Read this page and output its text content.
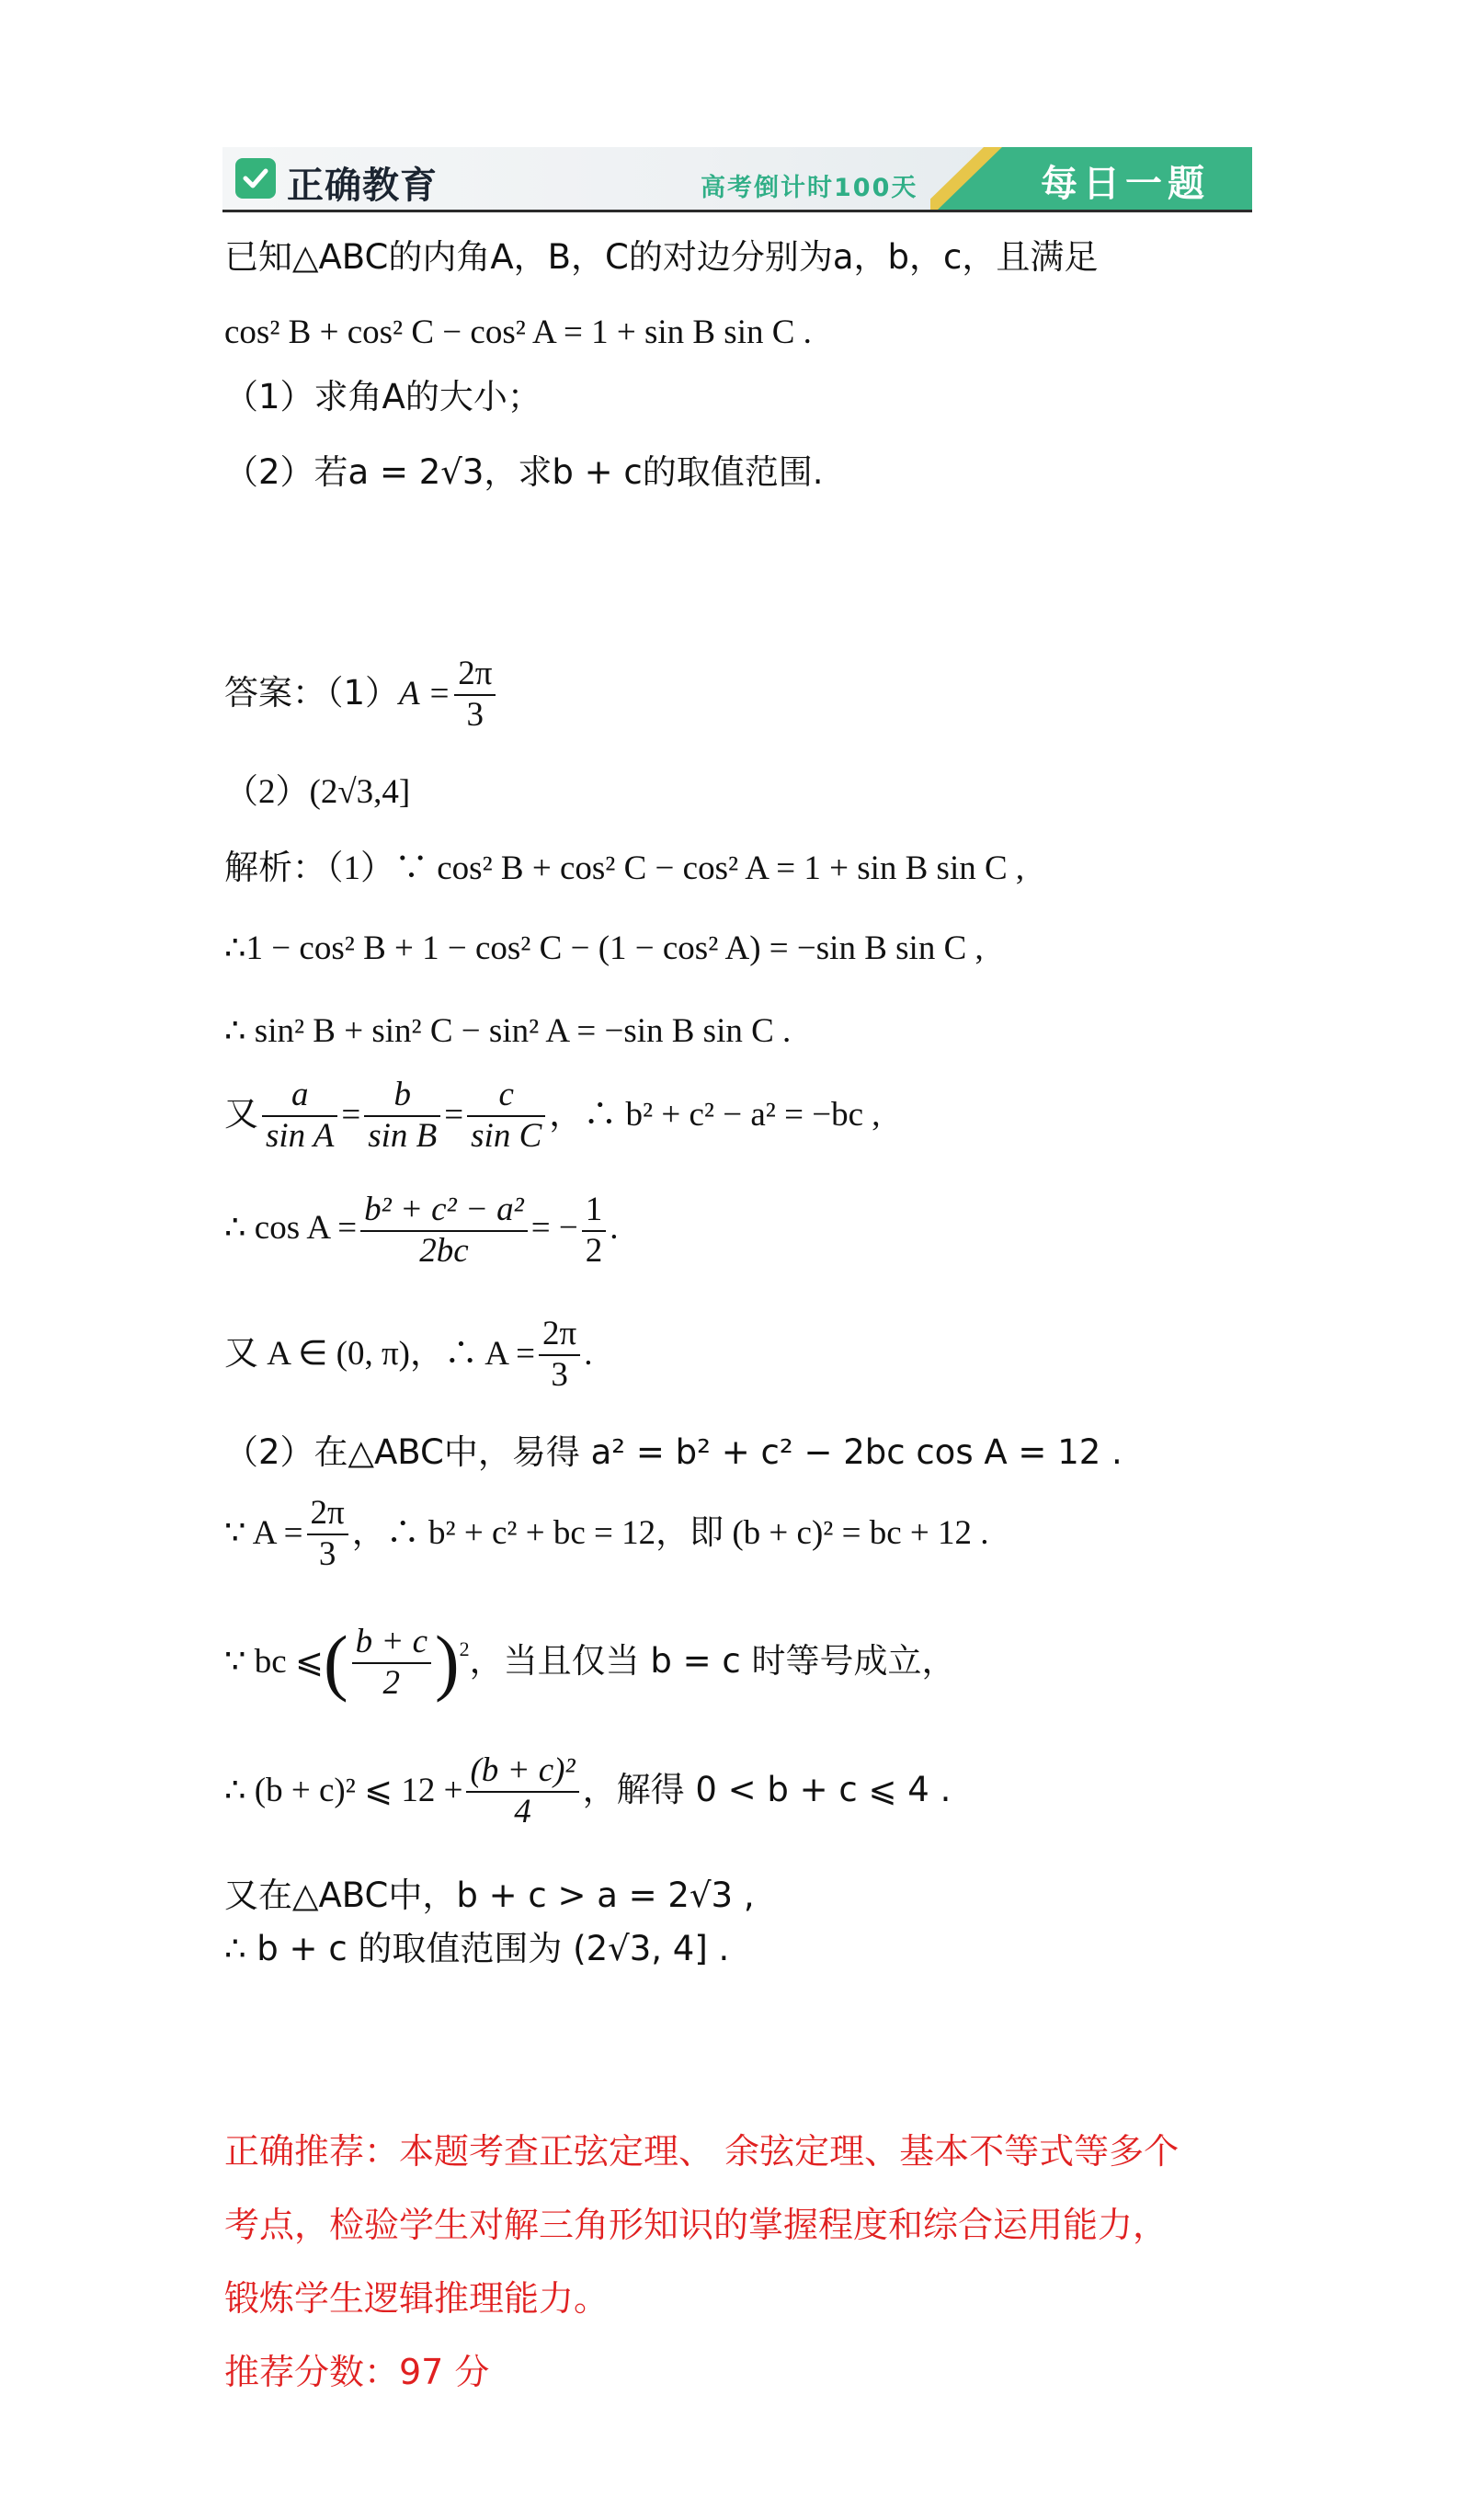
正确教育	高考倒计时100天	每日一题
已知△ABC的内角A，B，C的对边分别为a，b，c，且满足
cos² B + cos² C − cos² A = 1 + sin B sin C .
（1）求角A的大小；
（2）若a = 2√3，求b + c的取值范围.
答案：$(1)A = \frac{2\pi}{3}$
（2）(2√3,4]
解析：（1）∵ cos² B + cos² C − cos² A = 1 + sin B sin C ,
∴1 − cos² B + 1 − cos² C − (1 − cos² A) = −sin B sin C ,
∴ sin² B + sin² C − sin² A = −sin B sin C .
又 $\frac{a}{\text{sin A}} = \frac{b}{\text{sin B}} = \frac{c}{\text{sin C}}$ ，∴ b² + c² − a² = −bc ,
∴ $\cos A = \frac{\text{b² + c² − a²}}{2bc}$ = − $\frac{1}{2}$ .
又 A ∈ (0, π)，∴ $A = \frac{2\pi}{3}$ .
（2）在△ABC中，易得 a² = b² + c² − 2bc cos A = 12 .
∵ $A = \frac{2\pi}{3}$ ，∴ b² + c² + bc = 12，即 (b + c)² = bc + 12 .
∵ bc ⩽( $\frac{b + c}{2} )^2$，当且仅当 b = c 时等号成立，
∴ (b + c)² ⩽ $12 + \frac{\text{(b + c)²}}{4}$ ，解得 0 < b + c ⩽ 4 .
又在△ABC中，b + c > a = 2√3 ,
∴ b + c 的取值范围为 (2√3, 4] .
正确推荐：本题考查正弦定理、 余弦定理、基本不等式等多个
考点，检验学生对解三角形知识的掌握程度和综合运用能力，
锻炼学生逻辑推理能力。
推荐分数：97 分
